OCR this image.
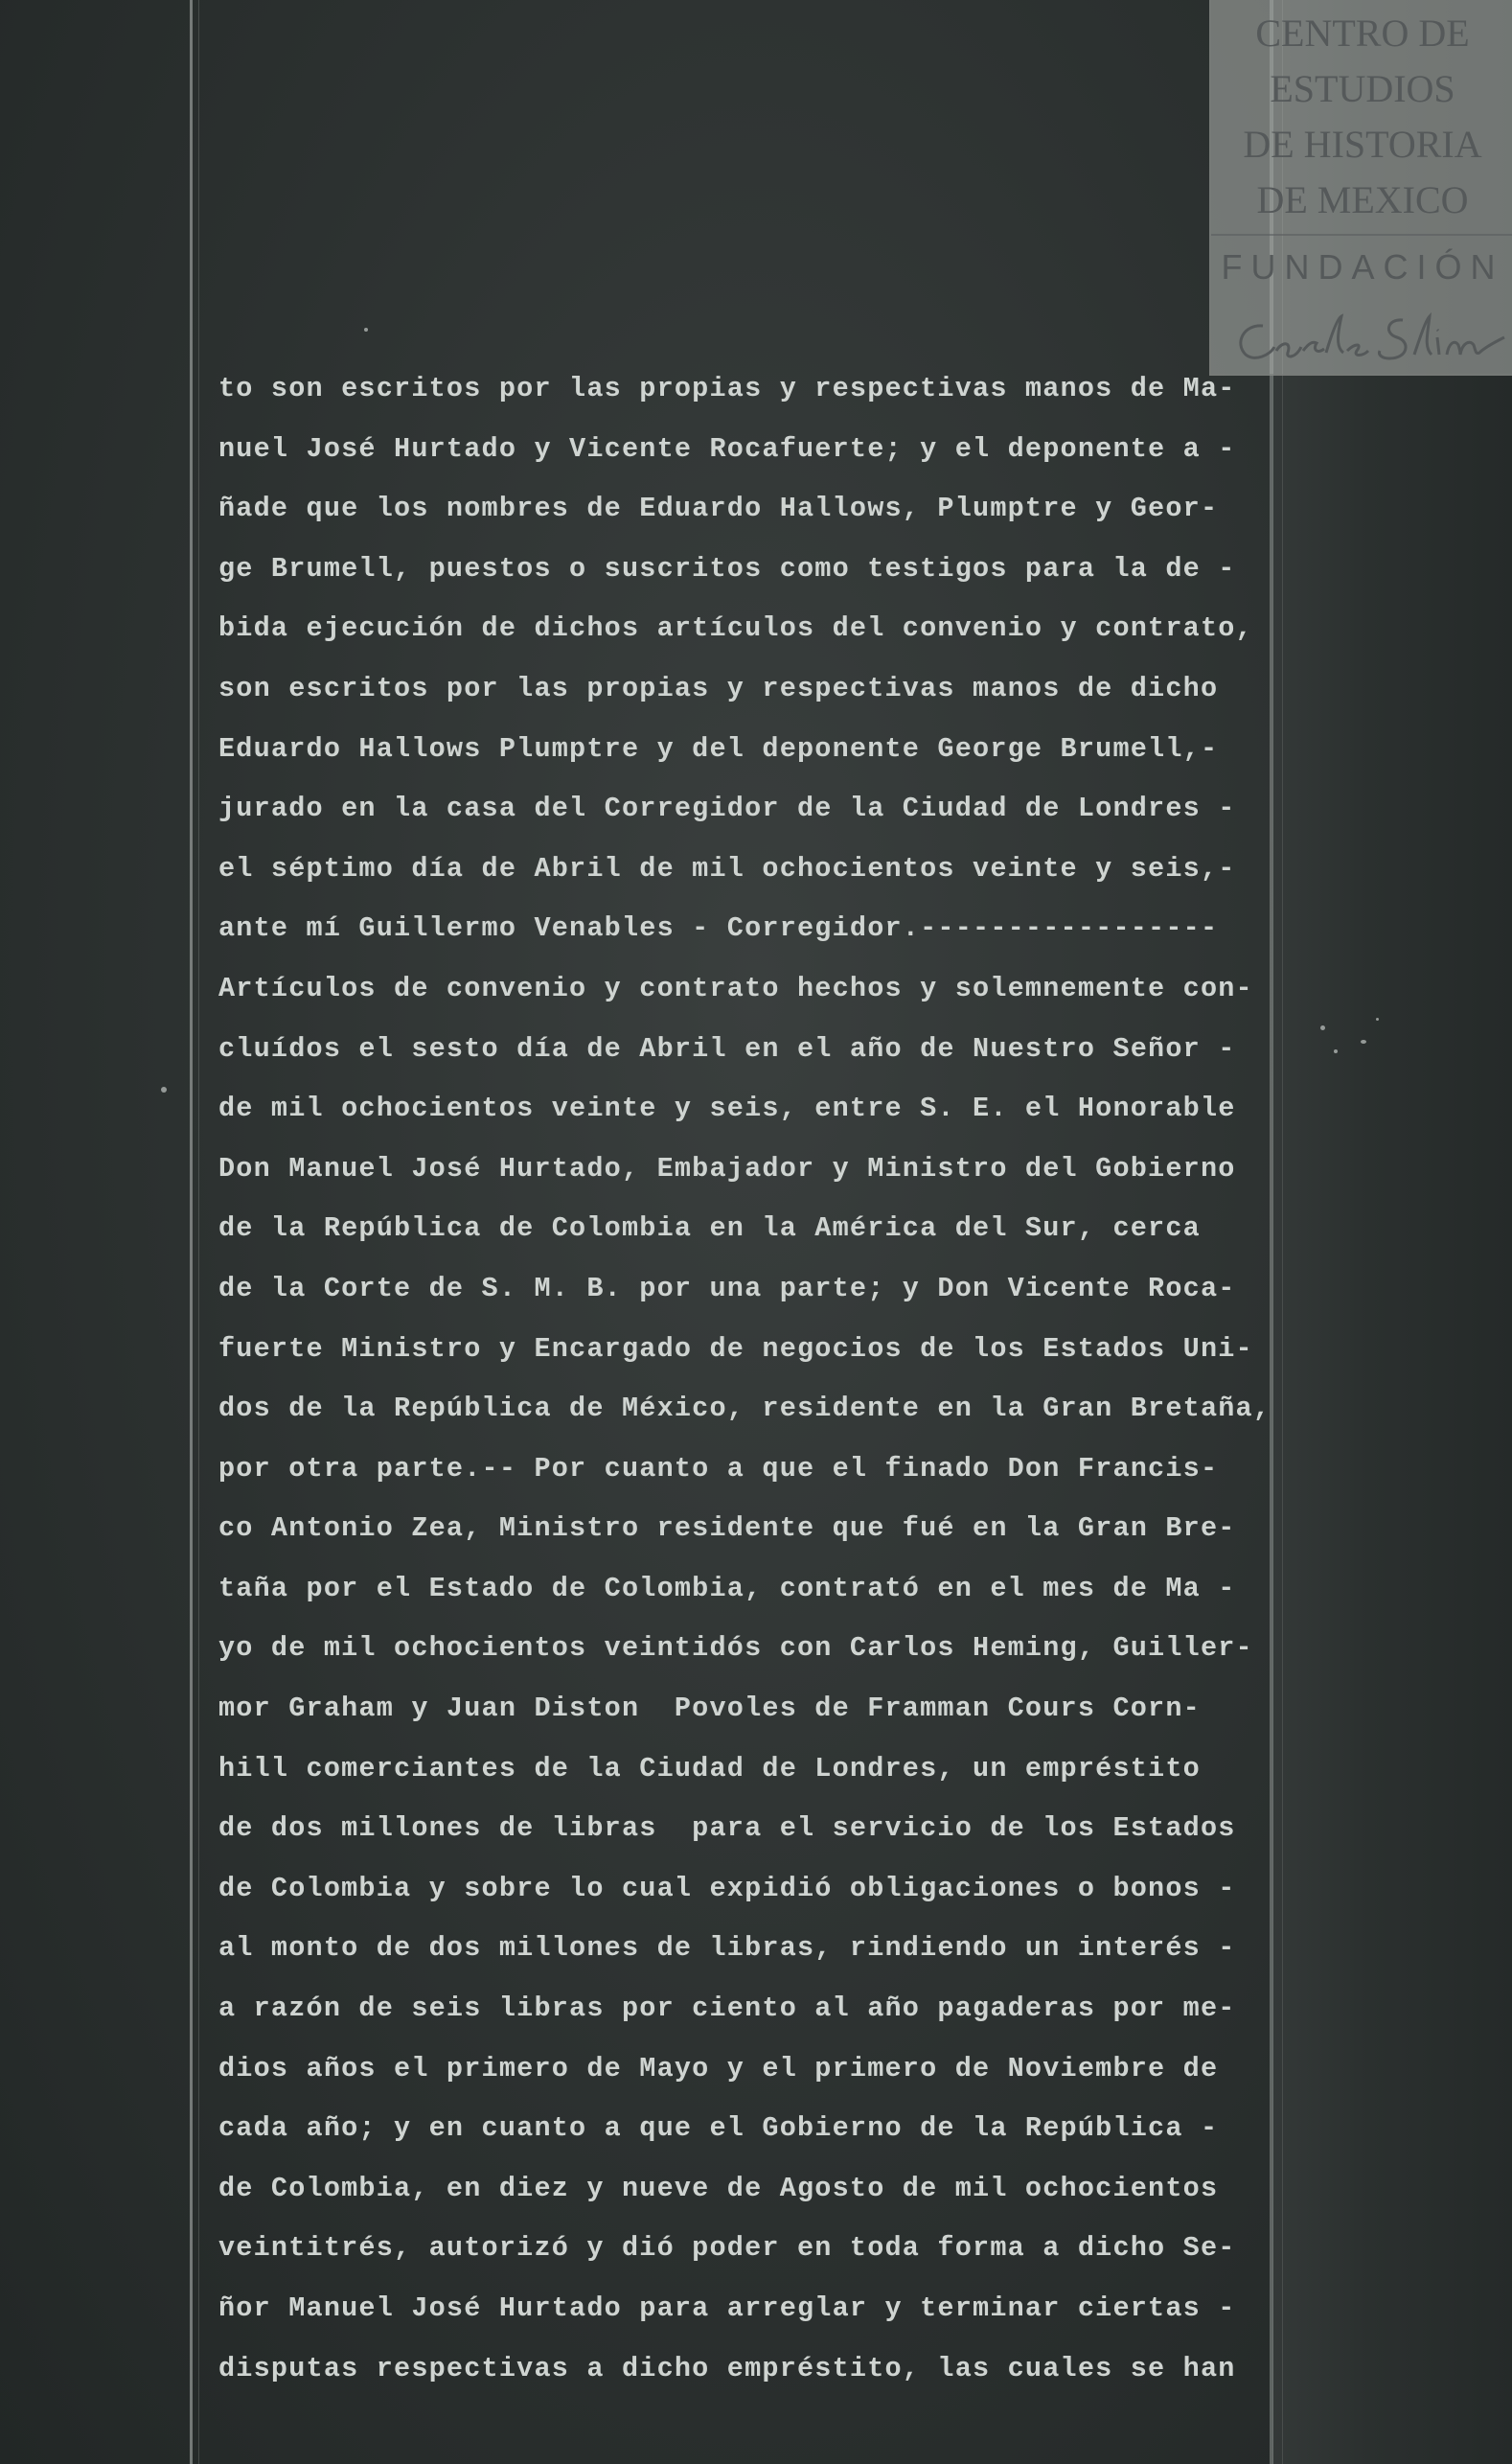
CENTRO DE
ESTUDIOS
DE HISTORIA
DE MEXICO
FUNDACIÓN
to son escritos por las propias y respectivas manos de Ma-
nuel José Hurtado y Vicente Rocafuerte; y el deponente a -
ñade que los nombres de Eduardo Hallows, Plumptre y Geor-
ge Brumell, puestos o suscritos como testigos para la de -
bida ejecución de dichos artículos del convenio y contrato,
son escritos por las propias y respectivas manos de dicho
Eduardo Hallows Plumptre y del deponente George Brumell,-
jurado en la casa del Corregidor de la Ciudad de Londres -
el séptimo día de Abril de mil ochocientos veinte y seis,-
ante mí Guillermo Venables - Corregidor.-----------------
Artículos de convenio y contrato hechos y solemnemente con-
cluídos el sesto día de Abril en el año de Nuestro Señor -
de mil ochocientos veinte y seis, entre S. E. el Honorable
Don Manuel José Hurtado, Embajador y Ministro del Gobierno
de la República de Colombia en la América del Sur, cerca
de la Corte de S. M. B. por una parte; y Don Vicente Roca-
fuerte Ministro y Encargado de negocios de los Estados Uni-
dos de la República de México, residente en la Gran Bretaña,
por otra parte.-- Por cuanto a que el finado Don Francis-
co Antonio Zea, Ministro residente que fué en la Gran Bre-
taña por el Estado de Colombia, contrató en el mes de Ma -
yo de mil ochocientos veintidós con Carlos Heming, Guiller-
mor Graham y Juan Diston  Povoles de Framman Cours Corn-
hill comerciantes de la Ciudad de Londres, un empréstito
de dos millones de libras  para el servicio de los Estados
de Colombia y sobre lo cual expidió obligaciones o bonos -
al monto de dos millones de libras, rindiendo un interés -
a razón de seis libras por ciento al año pagaderas por me-
dios años el primero de Mayo y el primero de Noviembre de
cada año; y en cuanto a que el Gobierno de la República -
de Colombia, en diez y nueve de Agosto de mil ochocientos
veintitrés, autorizó y dió poder en toda forma a dicho Se-
ñor Manuel José Hurtado para arreglar y terminar ciertas -
disputas respectivas a dicho empréstito, las cuales se han
